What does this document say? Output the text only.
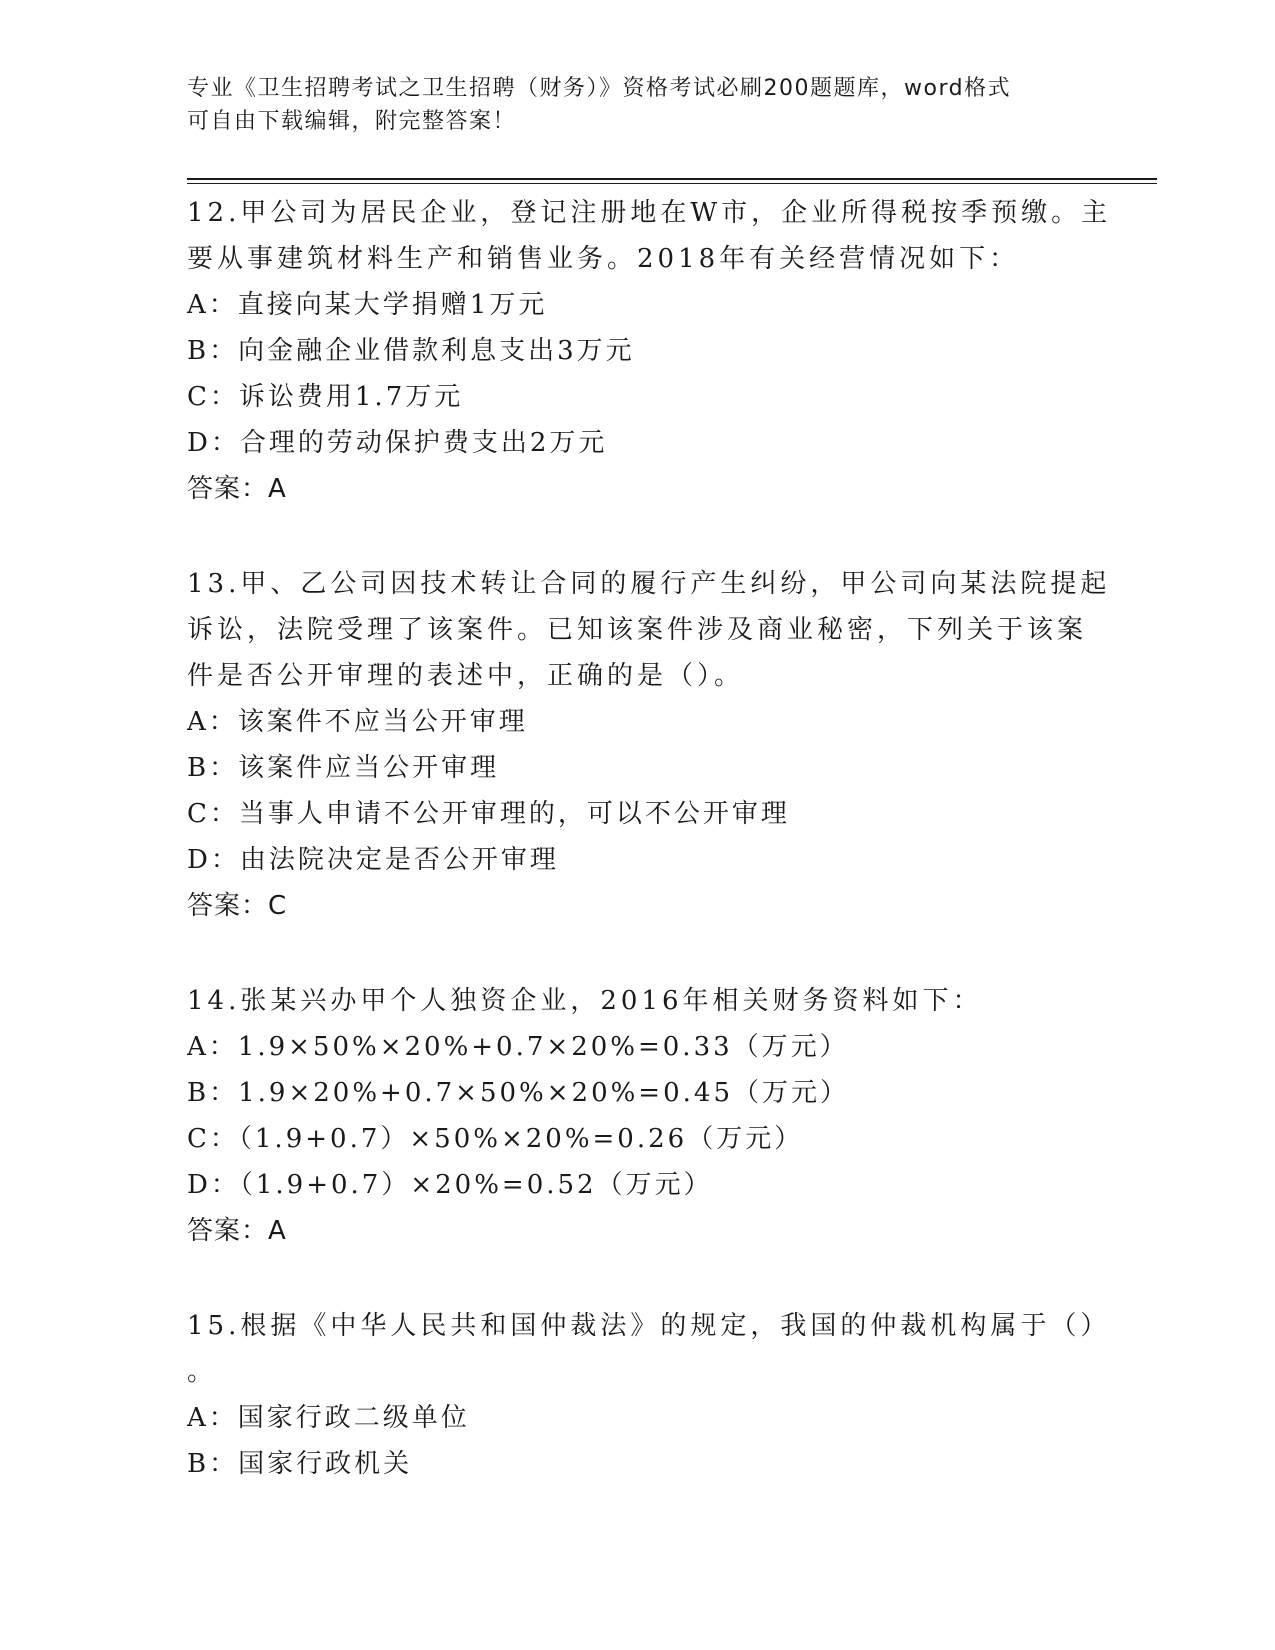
专业《卫生招聘考试之卫生招聘（财务）》资格考试必刷200题题库，word格式
可自由下载编辑，附完整答案！
12.甲公司为居民企业，登记注册地在W市，企业所得税按季预缴。主
要从事建筑材料生产和销售业务。2018年有关经营情况如下：
A：直接向某大学捐赠1万元
B：向金融企业借款利息支出3万元
C：诉讼费用1.7万元
D：合理的劳动保护费支出2万元
答案：A
13.甲、乙公司因技术转让合同的履行产生纠纷，甲公司向某法院提起
诉讼，法院受理了该案件。已知该案件涉及商业秘密，下列关于该案
件是否公开审理的表述中，正确的是（）。
A：该案件不应当公开审理
B：该案件应当公开审理
C：当事人申请不公开审理的，可以不公开审理
D：由法院决定是否公开审理
答案：C
14.张某兴办甲个人独资企业，2016年相关财务资料如下：
A：1.9×50%×20%+0.7×20%=0.33（万元）
B：1.9×20%+0.7×50%×20%=0.45（万元）
C：（1.9+0.7）×50%×20%=0.26（万元）
D：（1.9+0.7）×20%=0.52（万元）
答案：A
15.根据《中华人民共和国仲裁法》的规定，我国的仲裁机构属于（）
。
A：国家行政二级单位
B：国家行政机关
